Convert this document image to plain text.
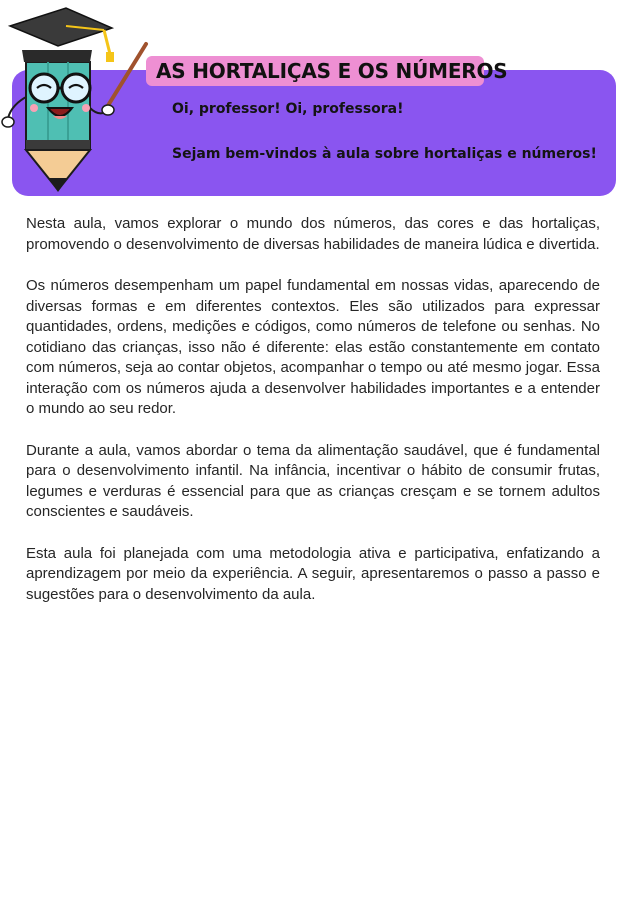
AS HORTALIÇAS E OS NÚMEROS
Oi, professor! Oi, professora!
Sejam bem-vindos à aula sobre hortaliças e números!

Nesta aula, vamos explorar o mundo dos números, das cores e das hortaliças, promovendo o desenvolvimento de diversas habilidades de maneira lúdica e divertida.

Os números desempenham um papel fundamental em nossas vidas, aparecendo de diversas formas e em diferentes contextos. Eles são utilizados para expressar quantidades, ordens, medições e códigos, como números de telefone ou senhas. No cotidiano das crianças, isso não é diferente: elas estão constantemente em contato com números, seja ao contar objetos, acompanhar o tempo ou até mesmo jogar. Essa interação com os números ajuda a desenvolver habilidades importantes e a entender o mundo ao seu redor.

Durante a aula, vamos abordar o tema da alimentação saudável, que é fundamental para o desenvolvimento infantil. Na infância, incentivar o hábito de consumir frutas, legumes e verduras é essencial para que as crianças cresçam e se tornem adultos conscientes e saudáveis.

Esta aula foi planejada com uma metodologia ativa e participativa, enfatizando a aprendizagem por meio da experiência. A seguir, apresentaremos o passo a passo e sugestões para o desenvolvimento da aula.
